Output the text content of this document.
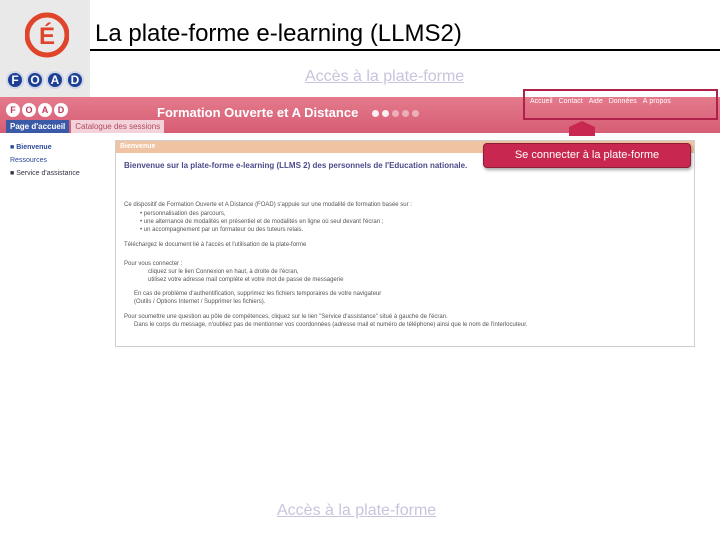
É
F O A D
La plate-forme e-learning (LLMS2)
Accès à la plate-forme
F	O	A	D	Formation Ouverte et A Distance
Accueil Contact Aide Données À propos
Page d'accueil	Catalogue des sessions
■ Bienvenue
Ressources
■ Service d'assistance
Bienvenue
Bienvenue sur la plate-forme e-learning (LLMS 2) des personnels de l'Education nationale.
Ce dispositif de Formation Ouverte et A Distance (FOAD) s'appuie sur une modalité de formation basée sur :
• personnalisation des parcours,
• une alternance de modalités en présentiel et de modalités en ligne où seul devant l'écran ;
• un accompagnement par un formateur ou des tuteurs relais.
Téléchargez le document lié à l'accès et l'utilisation de la plate-forme
Pour vous connecter :
cliquez sur le lien Connexion en haut, à droite de l'écran,
utilisez votre adresse mail complète et votre mot de passe de messagerie
En cas de problème d'authentification, supprimez les fichiers temporaires de votre navigateur
(Outils / Options Internet / Supprimer les fichiers).
Pour soumettre une question au pôle de compétences, cliquez sur le lien "Service d'assistance" situé à gauche de l'écran.
Dans le corps du message, n'oubliez pas de mentionner vos coordonnées (adresse mail et numéro de téléphone) ainsi que le nom de l'interlocuteur.
Se connecter à la plate-forme
Accès à la plate-forme
